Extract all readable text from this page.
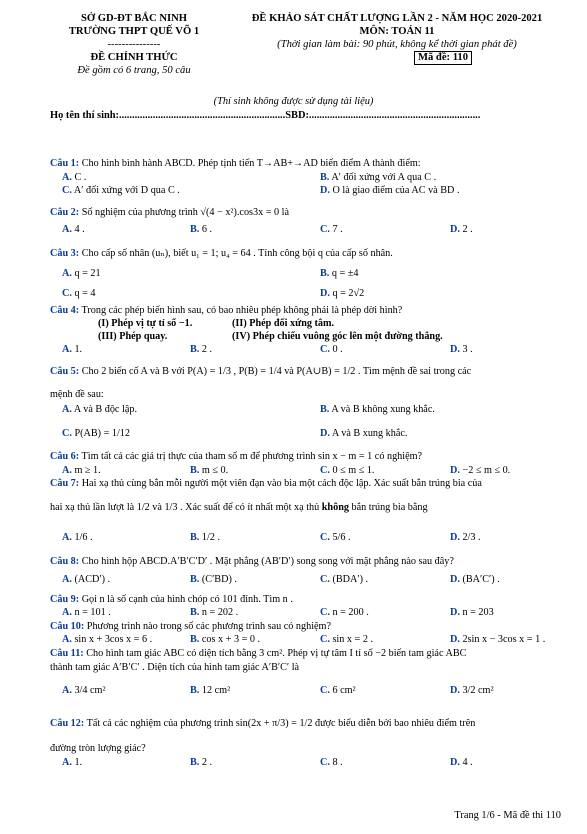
SỞ GD-ĐT BẮC NINH
TRƯỜNG THPT QUẾ VÕ 1
---------------
ĐỀ CHÍNH THỨC
Đề gồm có 6 trang, 50 câu
ĐỀ KHẢO SÁT CHẤT LƯỢNG LẦN 2 - NĂM HỌC 2020-2021
MÔN: TOÁN 11
(Thời gian làm bài: 90 phút, không kể thời gian phát đề)
Mã đề: 110
(Thí sinh không được sử dụng tài liệu)
Họ tên thí sinh:................................................................SBD:..................................................................
Câu 1: Cho hình bình hành ABCD. Phép tịnh tiến T→AB+→AD biến điểm A thành điểm:
A. C .	B. A′ đối xứng với A qua C .
C. A′ đối xứng với D qua C .	D. O là giao điểm của AC và BD .
Câu 2: Số nghiệm của phương trình √(4 − x²).cos3x = 0 là
A. 4 .	B. 6 .	C. 7 .	D. 2 .
Câu 3: Cho cấp số nhân (uₙ), biết u₁ = 1; u₄ = 64 . Tính công bội q của cấp số nhân.
A. q = 21	B. q = ±4
C. q = 4	D. q = 2√2
Câu 4: Trong các phép biến hình sau, có bao nhiêu phép không phải là phép dời hình?
(I) Phép vị tự tỉ số −1.	(II) Phép đối xứng tâm.
(III) Phép quay.	(IV) Phép chiếu vuông góc lên một đường thẳng.
A. 1.	B. 2 .	C. 0 .	D. 3 .
Câu 5: Cho 2 biến cố A và B với P(A) = 1/3 , P(B) = 1/4 và P(A∪B) = 1/2 . Tìm mệnh đề sai trong các
mệnh đề sau:
A. A và B độc lập.	B. A và B không xung khắc.
C. P(AB) = 1/12	D. A và B xung khắc.
Câu 6: Tìm tất cả các giá trị thực của tham số m để phương trình sin x − m = 1 có nghiệm?
A. m ≥ 1.	B. m ≤ 0.	C. 0 ≤ m ≤ 1.	D. −2 ≤ m ≤ 0.
Câu 7: Hai xạ thủ cùng bắn mỗi người một viên đạn vào bia một cách độc lập. Xác suất bắn trúng bia của
hai xạ thủ lần lượt là 1/2 và 1/3 . Xác suất để có ít nhất một xạ thủ không bắn trúng bia bằng
A. 1/6 .	B. 1/2 .	C. 5/6 .	D. 2/3 .
Câu 8: Cho hình hộp ABCD.A′B′C′D′ . Mặt phẳng (AB′D′) song song với mặt phẳng nào sau đây?
A. (ACD′) .	B. (C′BD) .	C. (BDA′) .	D. (BA′C′) .
Câu 9: Gọi n là số cạnh của hình chóp có 101 đỉnh. Tìm n .
A. n = 101 .	B. n = 202 .	C. n = 200 .	D. n = 203
Câu 10: Phương trình nào trong số các phương trình sau có nghiệm?
A. sin x + 3cos x = 6 .	B. cos x + 3 = 0 .	C. sin x = 2 .	D. 2sin x − 3cos x = 1 .
Câu 11: Cho hình tam giác ABC có diện tích bằng 3 cm². Phép vị tự tâm I tỉ số −2 biến tam giác ABC
thành tam giác A′B′C′ . Diện tích của hình tam giác A′B′C′ là
A. 3/4 cm²	B. 12 cm²	C. 6 cm²	D. 3/2 cm²
Câu 12: Tất cả các nghiệm của phương trình sin(2x + π/3) = 1/2 được biểu diễn bởi bao nhiêu điểm trên
đường tròn lượng giác?
A. 1.	B. 2 .	C. 8 .	D. 4 .
Trang 1/6 - Mã đề thi 110
